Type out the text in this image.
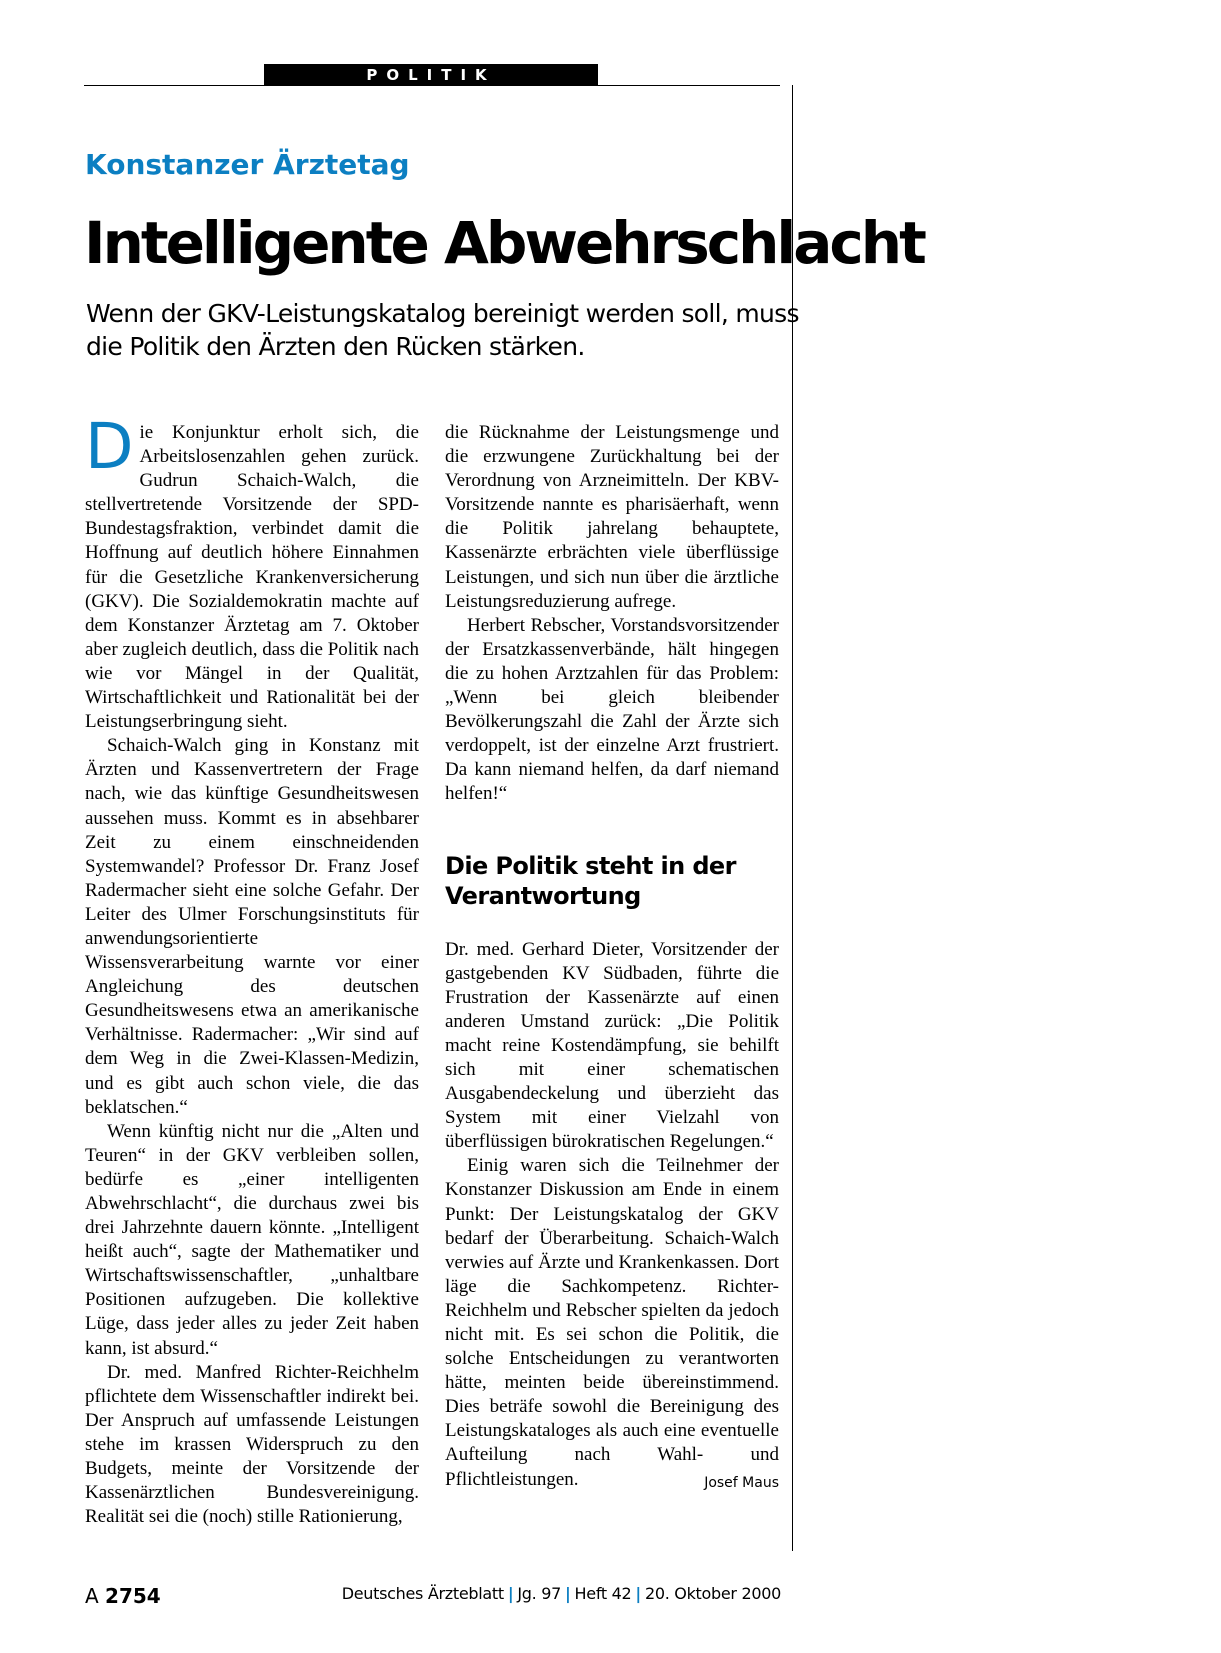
POLITIK
Konstanzer Ärztetag
Intelligente Abwehrschlacht

Wenn der GKV-Leistungskatalog bereinigt werden soll, muss die Politik den Ärzten den Rücken stärken.

Die Konjunktur erholt sich, die Arbeitslosenzahlen gehen zurück. Gudrun Schaich-Walch, die stellvertretende Vorsitzende der SPD-Bundestagsfraktion, verbindet damit die Hoffnung auf deutlich höhere Einnahmen für die Gesetzliche Krankenversicherung (GKV). Die Sozialdemokratin machte auf dem Konstanzer Ärztetag am 7. Oktober aber zugleich deutlich, dass die Politik nach wie vor Mängel in der Qualität, Wirtschaftlichkeit und Rationalität bei der Leistungserbringung sieht.

Schaich-Walch ging in Konstanz mit Ärzten und Kassenvertretern der Frage nach, wie das künftige Gesundheitswesen aussehen muss. Kommt es in absehbarer Zeit zu einem einschneidenden Systemwandel? Professor Dr. Franz Josef Radermacher sieht eine solche Gefahr. Der Leiter des Ulmer Forschungsinstituts für anwendungsorientierte Wissensverarbeitung warnte vor einer Angleichung des deutschen Gesundheitswesens etwa an amerikanische Verhältnisse. Radermacher: „Wir sind auf dem Weg in die Zwei-Klassen-Medizin, und es gibt auch schon viele, die das beklatschen.“

Wenn künftig nicht nur die „Alten und Teuren“ in der GKV verbleiben sollen, bedürfe es „einer intelligenten Abwehrschlacht“, die durchaus zwei bis drei Jahrzehnte dauern könnte. „Intelligent heißt auch“, sagte der Mathematiker und Wirtschaftswissenschaftler, „unhaltbare Positionen aufzugeben. Die kollektive Lüge, dass jeder alles zu jeder Zeit haben kann, ist absurd.“

Dr. med. Manfred Richter-Reichhelm pflichtete dem Wissenschaftler indirekt bei. Der Anspruch auf umfassende Leistungen stehe im krassen Widerspruch zu den Budgets, meinte der Vorsitzende der Kassenärztlichen Bundesvereinigung. Realität sei die (noch) stille Rationierung,

die Rücknahme der Leistungsmenge und die erzwungene Zurückhaltung bei der Verordnung von Arzneimitteln. Der KBV-Vorsitzende nannte es pharisäerhaft, wenn die Politik jahrelang behauptete, Kassenärzte erbrächten viele überflüssige Leistungen, und sich nun über die ärztliche Leistungsreduzierung aufrege.

Herbert Rebscher, Vorstandsvorsitzender der Ersatzkassenverbände, hält hingegen die zu hohen Arztzahlen für das Problem: „Wenn bei gleich bleibender Bevölkerungszahl die Zahl der Ärzte sich verdoppelt, ist der einzelne Arzt frustriert. Da kann niemand helfen, da darf niemand helfen!“

Die Politik steht in der Verantwortung

Dr. med. Gerhard Dieter, Vorsitzender der gastgebenden KV Südbaden, führte die Frustration der Kassenärzte auf einen anderen Umstand zurück: „Die Politik macht reine Kostendämpfung, sie behilft sich mit einer schematischen Ausgabendeckelung und überzieht das System mit einer Vielzahl von überflüssigen bürokratischen Regelungen.“

Einig waren sich die Teilnehmer der Konstanzer Diskussion am Ende in einem Punkt: Der Leistungskatalog der GKV bedarf der Überarbeitung. Schaich-Walch verwies auf Ärzte und Krankenkassen. Dort läge die Sachkompetenz. Richter-Reichhelm und Rebscher spielten da jedoch nicht mit. Es sei schon die Politik, die solche Entscheidungen zu verantworten hätte, meinten beide übereinstimmend. Dies beträfe sowohl die Bereinigung des Leistungskataloges als auch eine eventuelle Aufteilung nach Wahl- und Pflichtleistungen.	Josef Maus

A 2754	Deutsches Ärzteblatt | Jg. 97 | Heft 42 | 20. Oktober 2000
